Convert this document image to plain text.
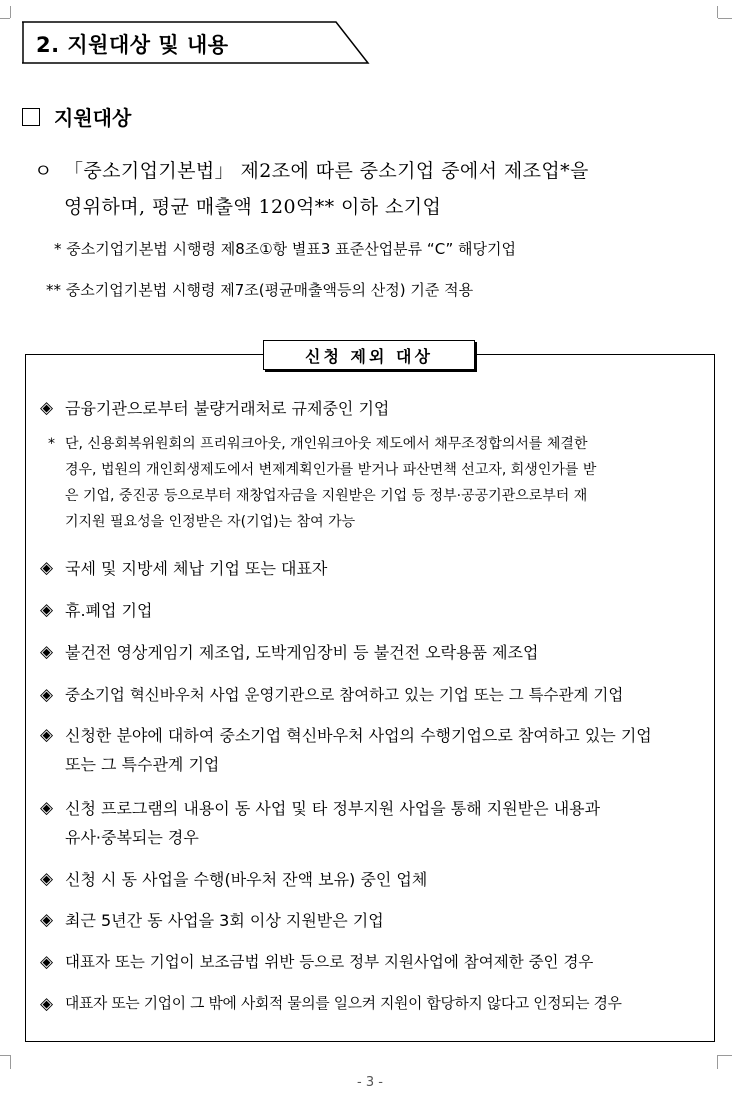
2. 지원대상 및 내용
지원대상
ㅇ 「중소기업기본법」 제2조에 따른 중소기업 중에서 제조업*을
영위하며, 평균 매출액 120억** 이하 소기업
* 중소기업기본법 시행령 제8조①항 별표3 표준산업분류 “C” 해당기업
** 중소기업기본법 시행령 제7조(평균매출액등의 산정) 기준 적용
신청 제외 대상
◈ 금융기관으로부터 불량거래처로 규제중인 기업
* 단, 신용회복위원회의 프리워크아웃, 개인워크아웃 제도에서 채무조정합의서를 체결한
경우, 법원의 개인회생제도에서 변제계획인가를 받거나 파산면책 선고자, 회생인가를 받
은 기업, 중진공 등으로부터 재창업자금을 지원받은 기업 등 정부·공공기관으로부터 재
기지원 필요성을 인정받은 자(기업)는 참여 가능
◈ 국세 및 지방세 체납 기업 또는 대표자
◈ 휴.폐업 기업
◈ 불건전 영상게임기 제조업, 도박게임장비 등 불건전 오락용품 제조업
◈ 중소기업 혁신바우처 사업 운영기관으로 참여하고 있는 기업 또는 그 특수관계 기업
◈ 신청한 분야에 대하여 중소기업 혁신바우처 사업의 수행기업으로 참여하고 있는 기업
또는 그 특수관계 기업
◈ 신청 프로그램의 내용이 동 사업 및 타 정부지원 사업을 통해 지원받은 내용과
유사·중복되는 경우
◈ 신청 시 동 사업을 수행(바우처 잔액 보유) 중인 업체
◈ 최근 5년간 동 사업을 3회 이상 지원받은 기업
◈ 대표자 또는 기업이 보조금법 위반 등으로 정부 지원사업에 참여제한 중인 경우
◈ 대표자 또는 기업이 그 밖에 사회적 물의를 일으켜 지원이 합당하지 않다고 인정되는 경우
- 3 -
